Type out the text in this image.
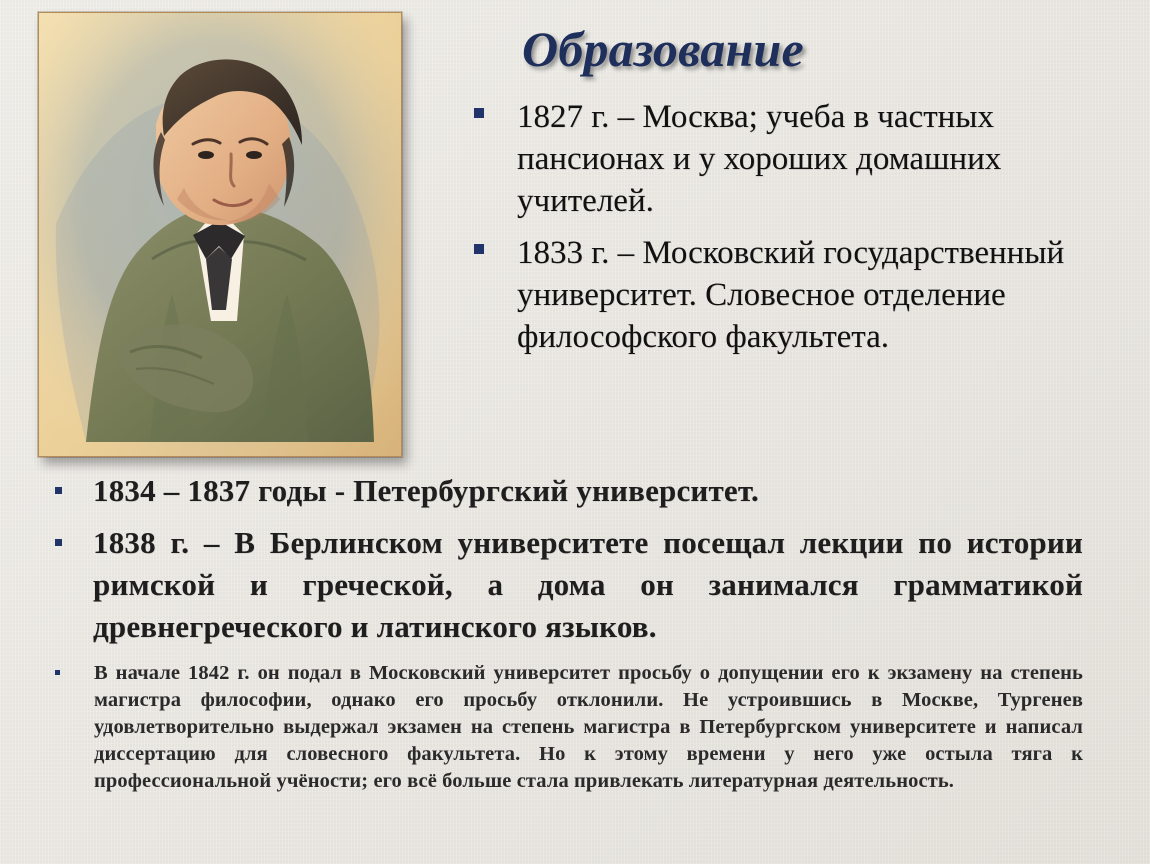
Образование
1827 г. – Москва; учеба в частных пансионах и у хороших домашних учителей.
1833 г. – Московский государственный университет. Словесное отделение философского факультета.
1834 – 1837 годы - Петербургский университет.
1838 г. – В Берлинском университете посещал лекции по истории римской и греческой, а дома он занимался грамматикой древнегреческого и латинского языков.
В начале 1842 г. он подал в Московский университет просьбу о допущении его к экзамену на степень магистра философии, однако его просьбу отклонили. Не устроившись в Москве, Тургенев удовлетворительно выдержал экзамен на степень магистра в Петербургском университете и написал диссертацию для словесного факультета. Но к этому времени у него уже остыла тяга к профессиональной учёности; его всё больше стала привлекать литературная деятельность.
